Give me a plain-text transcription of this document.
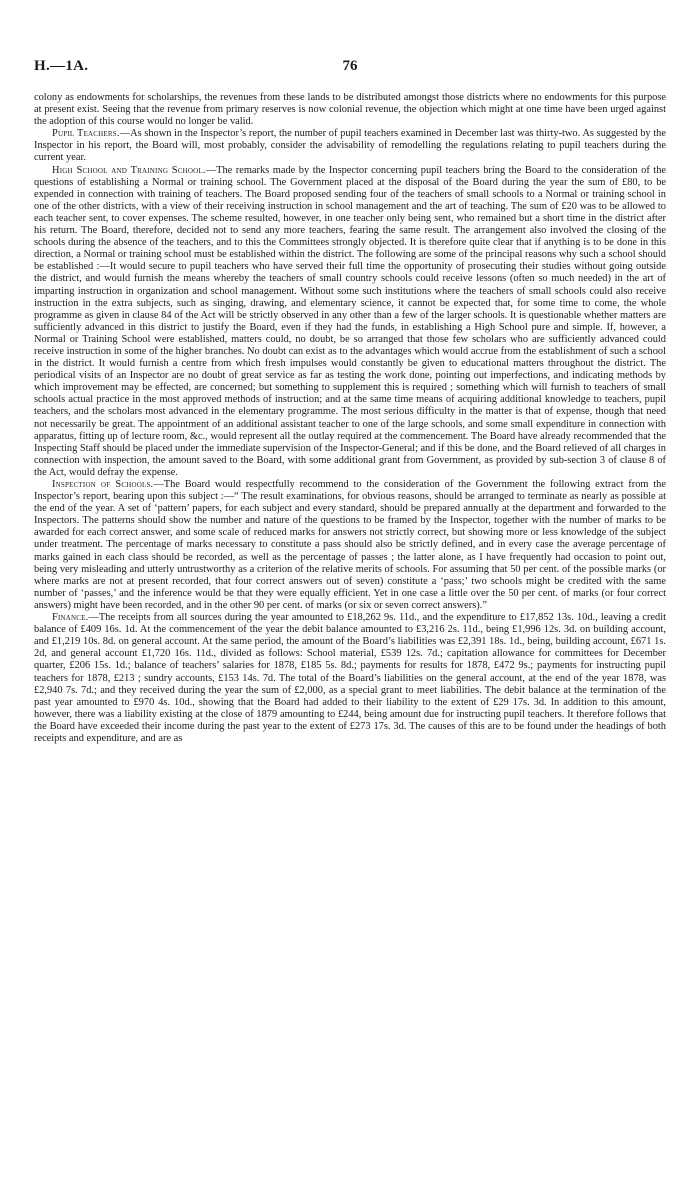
H.—1A.	76

colony as endowments for scholarships, the revenues from these lands to be distributed amongst those districts where no endowments for this purpose at present exist. Seeing that the revenue from primary reserves is now colonial revenue, the objection which might at one time have been urged against the adoption of this course would no longer be valid.

Pupil Teachers.—As shown in the Inspector’s report, the number of pupil teachers examined in December last was thirty-two. As suggested by the Inspector in his report, the Board will, most probably, consider the advisability of remodelling the regulations relating to pupil teachers during the current year.

High School and Training School.—The remarks made by the Inspector concerning pupil teachers bring the Board to the consideration of the questions of establishing a Normal or training school. The Government placed at the disposal of the Board during the year the sum of £80, to be expended in connection with training of teachers. The Board proposed sending four of the teachers of small schools to a Normal or training school in one of the other districts, with a view of their receiving instruction in school management and the art of teaching. The sum of £20 was to be allowed to each teacher sent, to cover expenses. The scheme resulted, however, in one teacher only being sent, who remained but a short time in the district after his return. The Board, therefore, decided not to send any more teachers, fearing the same result. The arrangement also involved the closing of the schools during the absence of the teachers, and to this the Committees strongly objected. It is therefore quite clear that if anything is to be done in this direction, a Normal or training school must be established within the district. The following are some of the principal reasons why such a school should be established :—It would secure to pupil teachers who have served their full time the opportunity of prosecuting their studies without going outside the district, and would furnish the means whereby the teachers of small country schools could receive lessons (often so much needed) in the art of imparting instruction in organization and school management. Without some such institutions where the teachers of small schools could also receive instruction in the extra subjects, such as singing, drawing, and elementary science, it cannot be expected that, for some time to come, the whole programme as given in clause 84 of the Act will be strictly observed in any other than a few of the larger schools. It is questionable whether matters are sufficiently advanced in this district to justify the Board, even if they had the funds, in establishing a High School pure and simple. If, however, a Normal or Training School were established, matters could, no doubt, be so arranged that those few scholars who are sufficiently advanced could receive instruction in some of the higher branches. No doubt can exist as to the advantages which would accrue from the establishment of such a school in the district. It would furnish a centre from which fresh impulses would constantly be given to educational matters throughout the district. The periodical visits of an Inspector are no doubt of great service as far as testing the work done, pointing out imperfections, and indicating methods by which improvement may be effected, are concerned; but something to supplement this is required ; something which will furnish to teachers of small schools actual practice in the most approved methods of instruction; and at the same time means of acquiring additional knowledge to teachers, pupil teachers, and the scholars most advanced in the elementary programme. The most serious difficulty in the matter is that of expense, though that need not necessarily be great. The appointment of an additional assistant teacher to one of the large schools, and some small expenditure in connection with apparatus, fitting up of lecture room, &c., would represent all the outlay required at the commencement. The Board have already recommended that the Inspecting Staff should be placed under the immediate supervision of the Inspector-General; and if this be done, and the Board relieved of all charges in connection with inspection, the amount saved to the Board, with some additional grant from Government, as provided by sub-section 3 of clause 8 of the Act, would defray the expense.

Inspection of Schools.—The Board would respectfully recommend to the consideration of the Government the following extract from the Inspector’s report, bearing upon this subject :—“ The result examinations, for obvious reasons, should be arranged to terminate as nearly as possible at the end of the year. A set of ‘pattern’ papers, for each subject and every standard, should be prepared annually at the department and forwarded to the Inspectors. The patterns should show the number and nature of the questions to be framed by the Inspector, together with the number of marks to be awarded for each correct answer, and some scale of reduced marks for answers not strictly correct, but showing more or less knowledge of the subject under treatment. The percentage of marks necessary to constitute a pass should also be strictly defined, and in every case the average percentage of marks gained in each class should be recorded, as well as the percentage of passes ; the latter alone, as I have frequently had occasion to point out, being very misleading and utterly untrustworthy as a criterion of the relative merits of schools. For assuming that 50 per cent. of the possible marks (or where marks are not at present recorded, that four correct answers out of seven) constitute a ‘pass;’ two schools might be credited with the same number of ‘passes,’ and the inference would be that they were equally efficient. Yet in one case a little over the 50 per cent. of marks (or four correct answers) might have been recorded, and in the other 90 per cent. of marks (or six or seven correct answers).”

Finance.—The receipts from all sources during the year amounted to £18,262 9s. 11d., and the expenditure to £17,852 13s. 10d., leaving a credit balance of £409 16s. 1d. At the commencement of the year the debit balance amounted to £3,216 2s. 11d., being £1,996 12s. 3d. on building account, and £1,219 10s. 8d. on general account. At the same period, the amount of the Board’s liabilities was £2,391 18s. 1d., being, building account, £671 1s. 2d, and general account £1,720 16s. 11d., divided as follows: School material, £539 12s. 7d.; capitation allowance for committees for December quarter, £206 15s. 1d.; balance of teachers’ salaries for 1878, £185 5s. 8d.; payments for results for 1878, £472 9s.; payments for instructing pupil teachers for 1878, £213 ; sundry accounts, £153 14s. 7d. The total of the Board’s liabilities on the general account, at the end of the year 1878, was £2,940 7s. 7d.; and they received during the year the sum of £2,000, as a special grant to meet liabilities. The debit balance at the termination of the past year amounted to £970 4s. 10d., showing that the Board had added to their liability to the extent of £29 17s. 3d. In addition to this amount, however, there was a liability existing at the close of 1879 amounting to £244, being amount due for instructing pupil teachers. It therefore follows that the Board have exceeded their income during the past year to the extent of £273 17s. 3d. The causes of this are to be found under the headings of both receipts and expenditure, and are as
